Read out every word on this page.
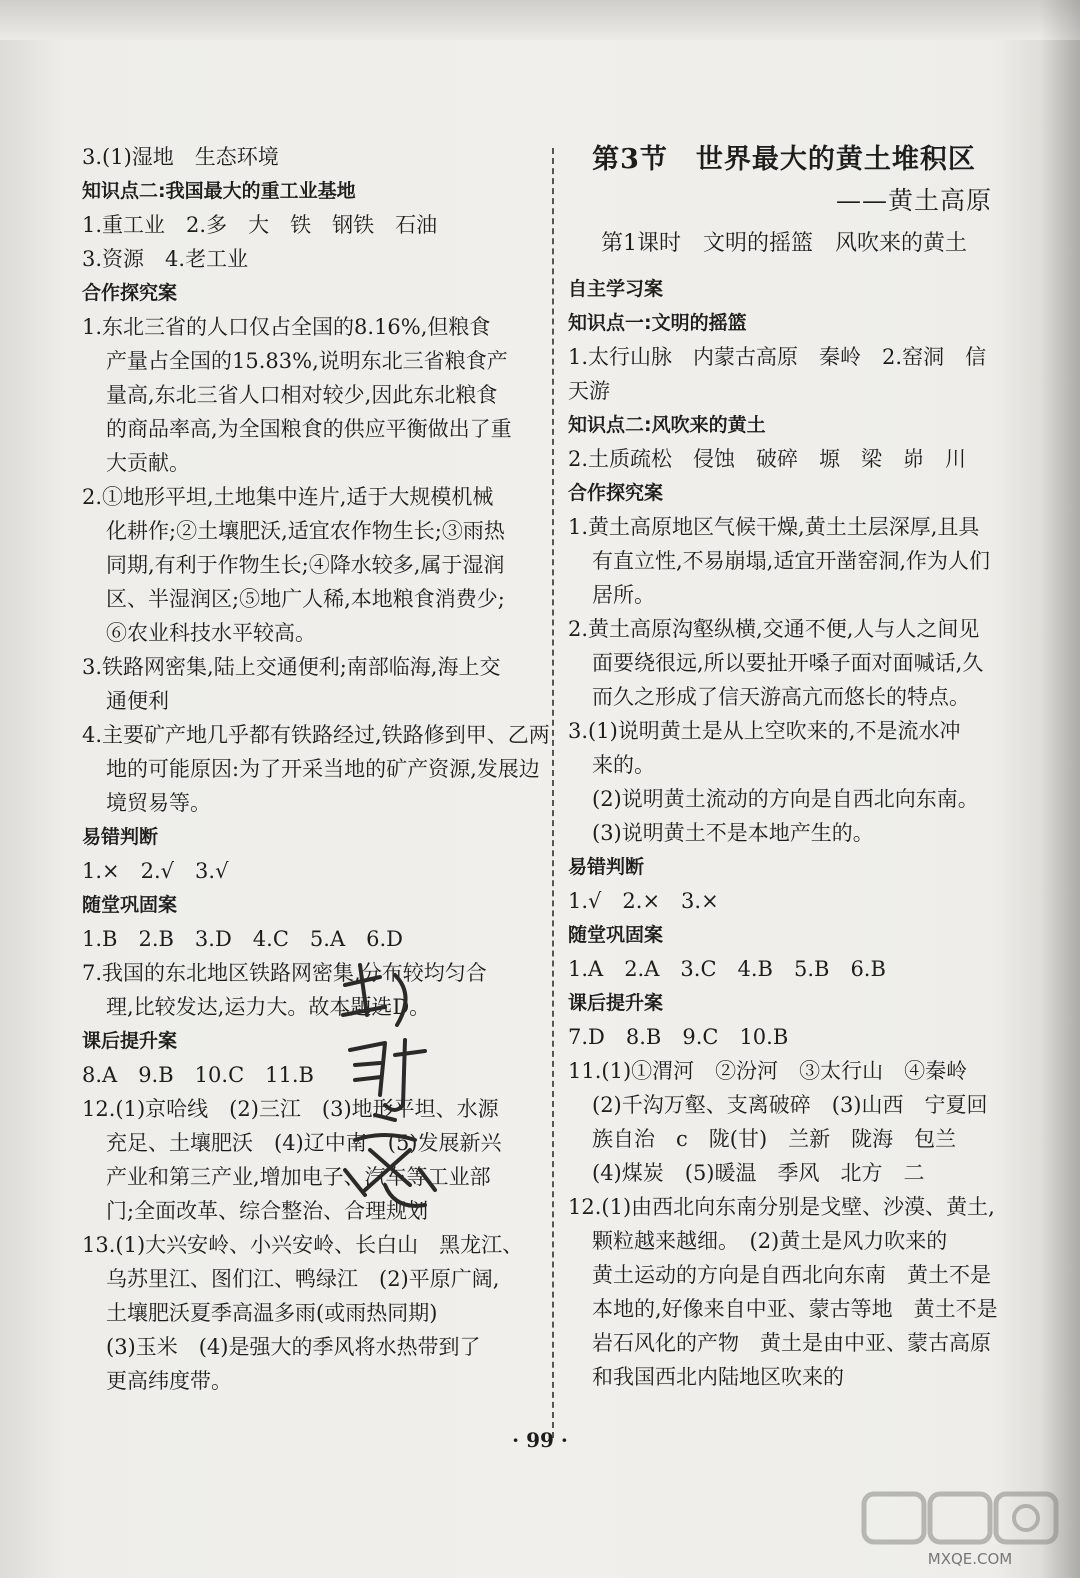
3.(1)湿地　生态环境
知识点二:我国最大的重工业基地
1.重工业　2.多　大　铁　钢铁　石油
3.资源　4.老工业
合作探究案
1.东北三省的人口仅占全国的8.16%,但粮食
产量占全国的15.83%,说明东北三省粮食产
量高,东北三省人口相对较少,因此东北粮食
的商品率高,为全国粮食的供应平衡做出了重
大贡献。
2.①地形平坦,土地集中连片,适于大规模机械
化耕作;②土壤肥沃,适宜农作物生长;③雨热
同期,有利于作物生长;④降水较多,属于湿润
区、半湿润区;⑤地广人稀,本地粮食消费少;
⑥农业科技水平较高。
3.铁路网密集,陆上交通便利;南部临海,海上交
通便利
4.主要矿产地几乎都有铁路经过,铁路修到甲、乙两
地的可能原因:为了开采当地的矿产资源,发展边
境贸易等。
易错判断
1.×　2.√　3.√
随堂巩固案
1.B　2.B　3.D　4.C　5.A　6.D
7.我国的东北地区铁路网密集,分布较均匀合
理,比较发达,运力大。故本题选D。
课后提升案
8.A　9.B　10.C　11.B
12.(1)京哈线　(2)三江　(3)地形平坦、水源
充足、土壤肥沃　(4)辽中南　(5)发展新兴
产业和第三产业,增加电子、汽车等工业部
门;全面改革、综合整治、合理规划
13.(1)大兴安岭、小兴安岭、长白山　黑龙江、
乌苏里江、图们江、鸭绿江　(2)平原广阔,
土壤肥沃夏季高温多雨(或雨热同期)
(3)玉米　(4)是强大的季风将水热带到了
更高纬度带。
第3节　世界最大的黄土堆积区
——黄土高原
第1课时　文明的摇篮　风吹来的黄土
自主学习案
知识点一:文明的摇篮
1.太行山脉　内蒙古高原　秦岭　2.窑洞　信
天游
知识点二:风吹来的黄土
2.土质疏松　侵蚀　破碎　塬　梁　峁　川
合作探究案
1.黄土高原地区气候干燥,黄土土层深厚,且具
有直立性,不易崩塌,适宜开凿窑洞,作为人们
居所。
2.黄土高原沟壑纵横,交通不便,人与人之间见
面要绕很远,所以要扯开嗓子面对面喊话,久
而久之形成了信天游高亢而悠长的特点。
3.(1)说明黄土是从上空吹来的,不是流水冲
来的。
(2)说明黄土流动的方向是自西北向东南。
(3)说明黄土不是本地产生的。
易错判断
1.√　2.×　3.×
随堂巩固案
1.A　2.A　3.C　4.B　5.B　6.B
课后提升案
7.D　8.B　9.C　10.B
11.(1)①渭河　②汾河　③太行山　④秦岭
(2)千沟万壑、支离破碎　(3)山西　宁夏回
族自治　c　陇(甘)　兰新　陇海　包兰
(4)煤炭　(5)暖温　季风　北方　二
12.(1)由西北向东南分别是戈壁、沙漠、黄土,
颗粒越来越细。　(2)黄土是风力吹来的
黄土运动的方向是自西北向东南　黄土不是
本地的,好像来自中亚、蒙古等地　黄土不是
岩石风化的产物　黄土是由中亚、蒙古高原
和我国西北内陆地区吹来的
· 99 ·
MXQE.COM
